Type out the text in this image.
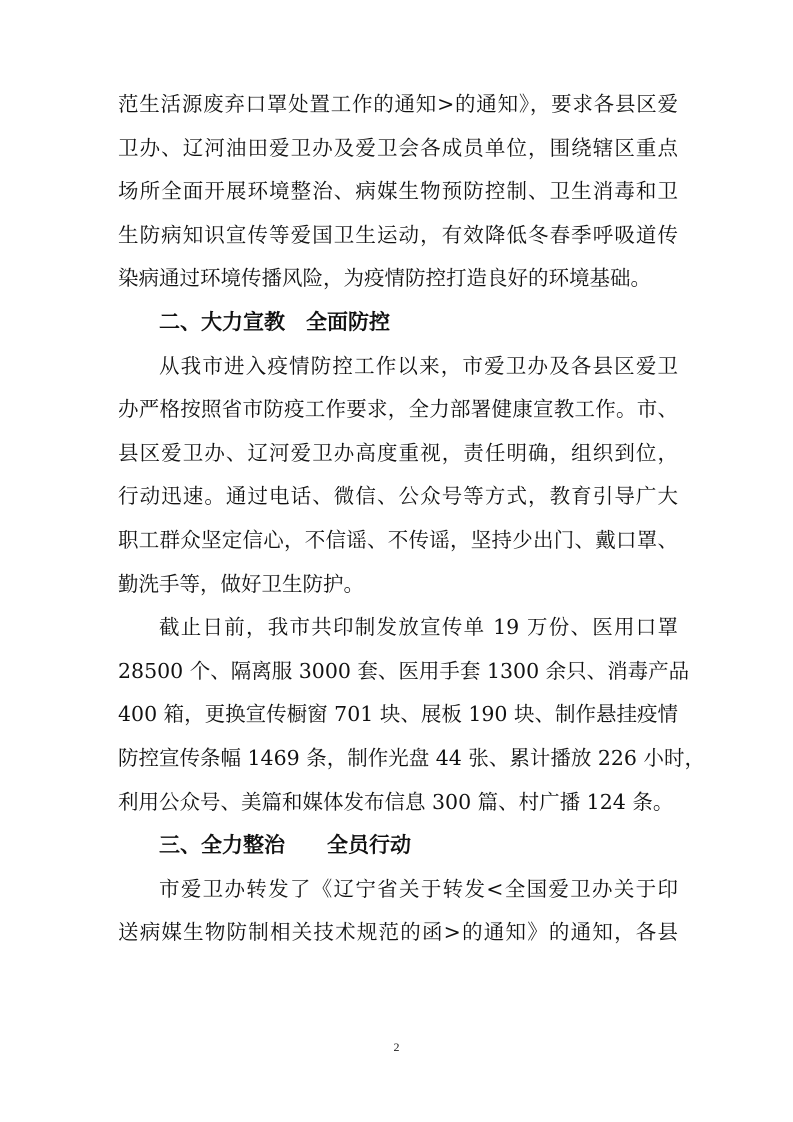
范生活源废弃口罩处置工作的通知>的通知》，要求各县区爱
卫办、辽河油田爱卫办及爱卫会各成员单位，围绕辖区重点
场所全面开展环境整治、病媒生物预防控制、卫生消毒和卫
生防病知识宣传等爱国卫生运动，有效降低冬春季呼吸道传
染病通过环境传播风险，为疫情防控打造良好的环境基础。
二、大力宣教　全面防控
从我市进入疫情防控工作以来，市爱卫办及各县区爱卫
办严格按照省市防疫工作要求，全力部署健康宣教工作。市、
县区爱卫办、辽河爱卫办高度重视，责任明确，组织到位，
行动迅速。通过电话、微信、公众号等方式，教育引导广大
职工群众坚定信心，不信谣、不传谣，坚持少出门、戴口罩、
勤洗手等，做好卫生防护。
截止日前，我市共印制发放宣传单 19 万份、医用口罩
28500 个、隔离服 3000 套、医用手套 1300 余只、消毒产品
400 箱，更换宣传橱窗 701 块、展板 190 块、制作悬挂疫情
防控宣传条幅 1469 条，制作光盘 44 张、累计播放 226 小时，
利用公众号、美篇和媒体发布信息 300 篇、村广播 124 条。
三、全力整治　　全员行动
市爱卫办转发了《辽宁省关于转发<全国爱卫办关于印
送病媒生物防制相关技术规范的函>的通知》的通知，各县
2
